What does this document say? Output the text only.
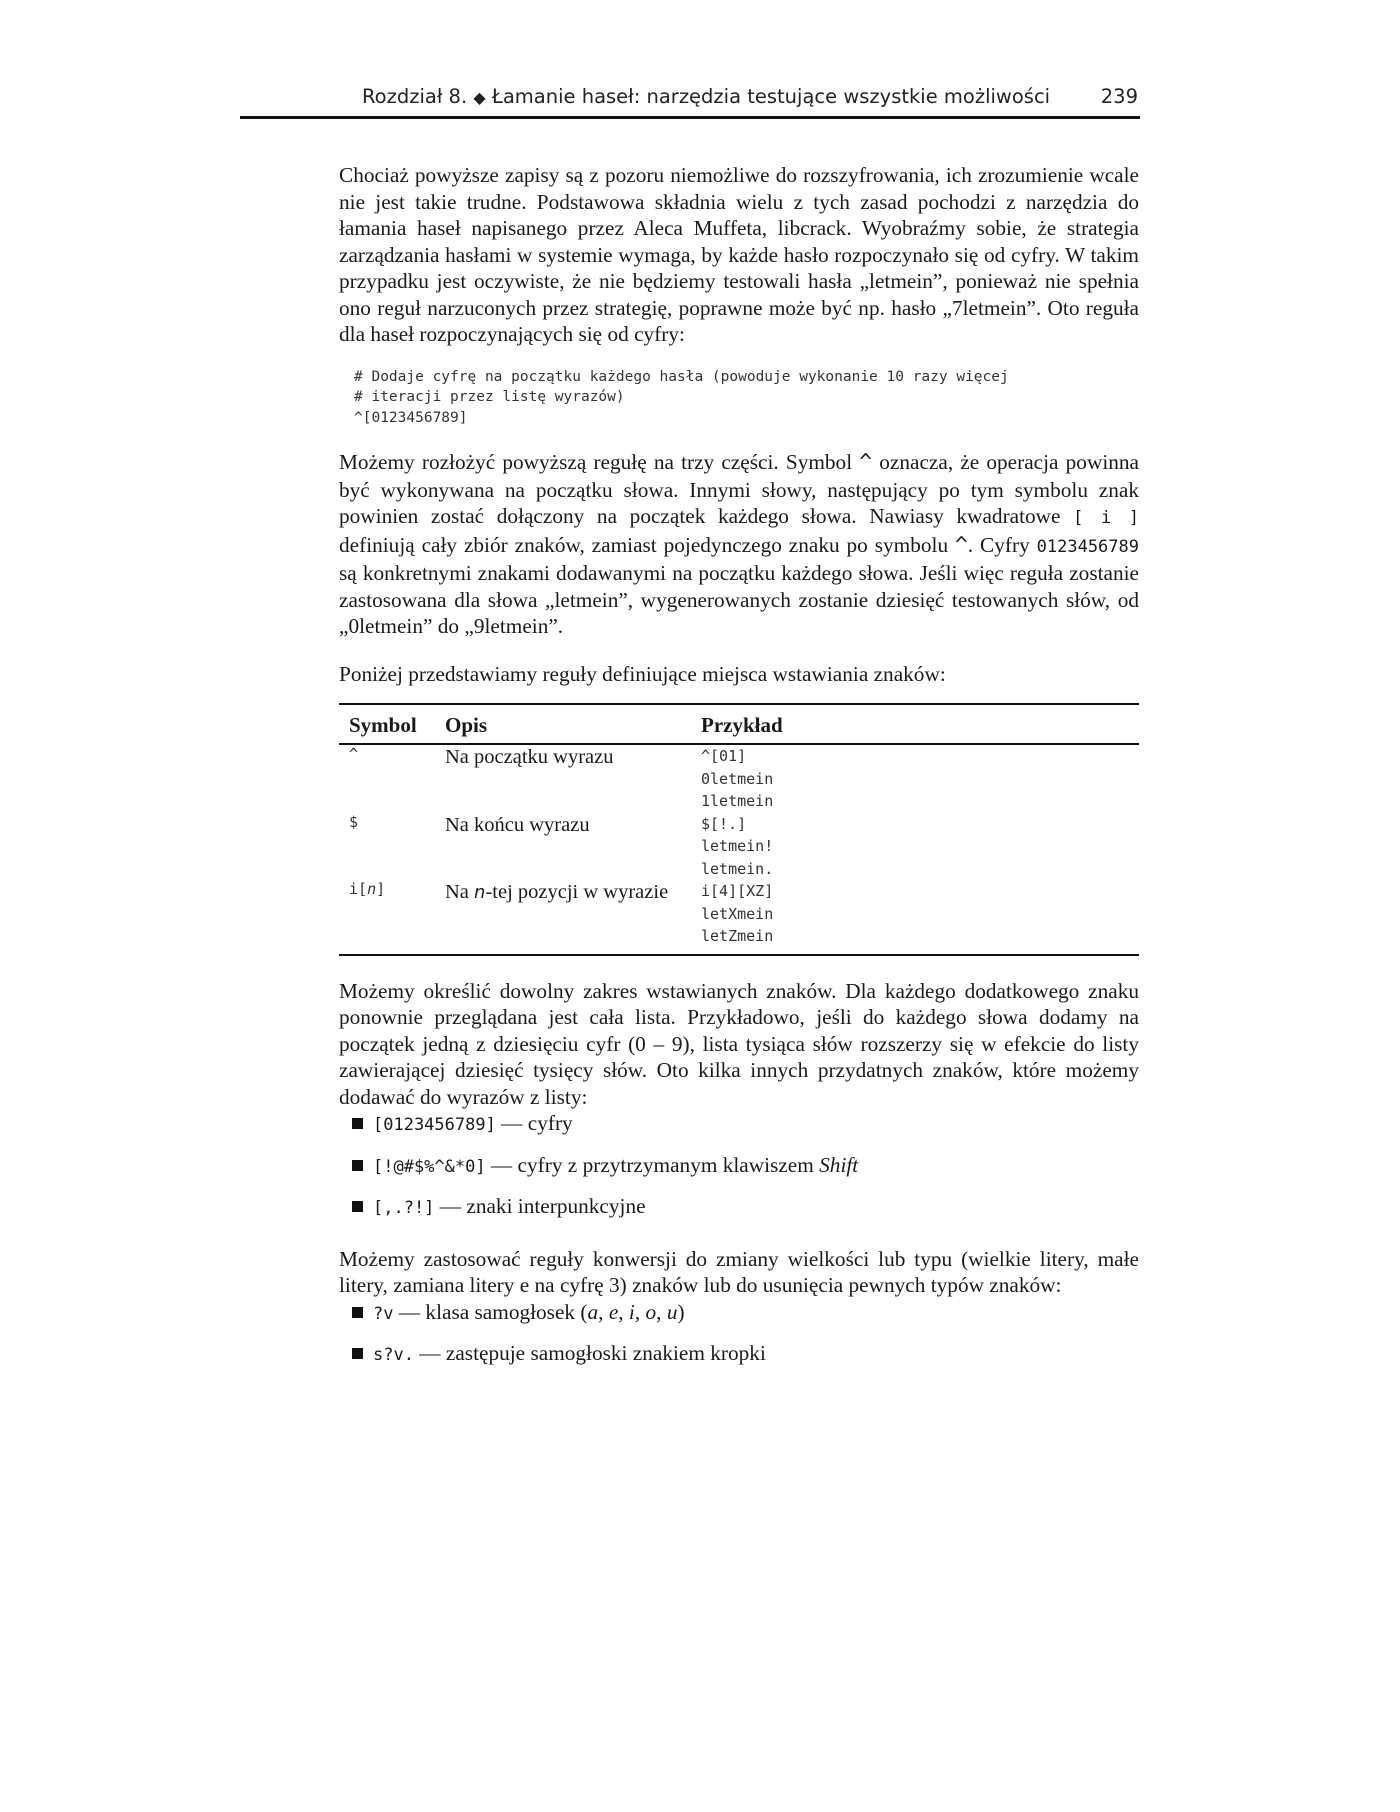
Rozdział 8. ◆ Łamanie haseł: narzędzia testujące wszystkie możliwości	239

Chociaż powyższe zapisy są z pozoru niemożliwe do rozszyfrowania, ich zrozumienie wcale nie jest takie trudne. Podstawowa składnia wielu z tych zasad pochodzi z narzędzia do łamania haseł napisanego przez Aleca Muffeta, libcrack. Wyobraźmy sobie, że strategia zarządzania hasłami w systemie wymaga, by każde hasło rozpoczynało się od cyfry. W takim przypadku jest oczywiste, że nie będziemy testowali hasła „letmein”, ponieważ nie spełnia ono reguł narzuconych przez strategię, poprawne może być np. hasło „7letmein”. Oto reguła dla haseł rozpoczynających się od cyfry:

# Dodaje cyfrę na początku każdego hasła (powoduje wykonanie 10 razy więcej
# iteracji przez listę wyrazów)
^[0123456789]

Możemy rozłożyć powyższą regułę na trzy części. Symbol ^ oznacza, że operacja powinna być wykonywana na początku słowa. Innymi słowy, następujący po tym symbolu znak powinien zostać dołączony na początek każdego słowa. Nawiasy kwadratowe [ i ] definiują cały zbiór znaków, zamiast pojedynczego znaku po symbolu ^. Cyfry 0123456789 są konkretnymi znakami dodawanymi na początku każdego słowa. Jeśli więc reguła zostanie zastosowana dla słowa „letmein”, wygenerowanych zostanie dziesięć testowanych słów, od „0letmein” do „9letmein”.

Poniżej przedstawiamy reguły definiujące miejsca wstawiania znaków:

Symbol	Opis	Przykład
^	Na początku wyrazu	^[01]
0letmein
1letmein

$	Na końcu wyrazu	$[!.]
letmein!
letmein.

i[n]	Na n-tej pozycji w wyrazie	i[4][XZ]
letXmein
letZmein

Możemy określić dowolny zakres wstawianych znaków. Dla każdego dodatkowego znaku ponownie przeglądana jest cała lista. Przykładowo, jeśli do każdego słowa dodamy na początek jedną z dziesięciu cyfr (0 – 9), lista tysiąca słów rozszerzy się w efekcie do listy zawierającej dziesięć tysięcy słów. Oto kilka innych przydatnych znaków, które możemy dodawać do wyrazów z listy:

[0123456789] — cyfry
[!@#$%^&*0] — cyfry z przytrzymanym klawiszem Shift
[,.?!] — znaki interpunkcyjne

Możemy zastosować reguły konwersji do zmiany wielkości lub typu (wielkie litery, małe litery, zamiana litery e na cyfrę 3) znaków lub do usunięcia pewnych typów znaków:

?v — klasa samogłosek (a, e, i, o, u)
s?v. — zastępuje samogłoski znakiem kropki
